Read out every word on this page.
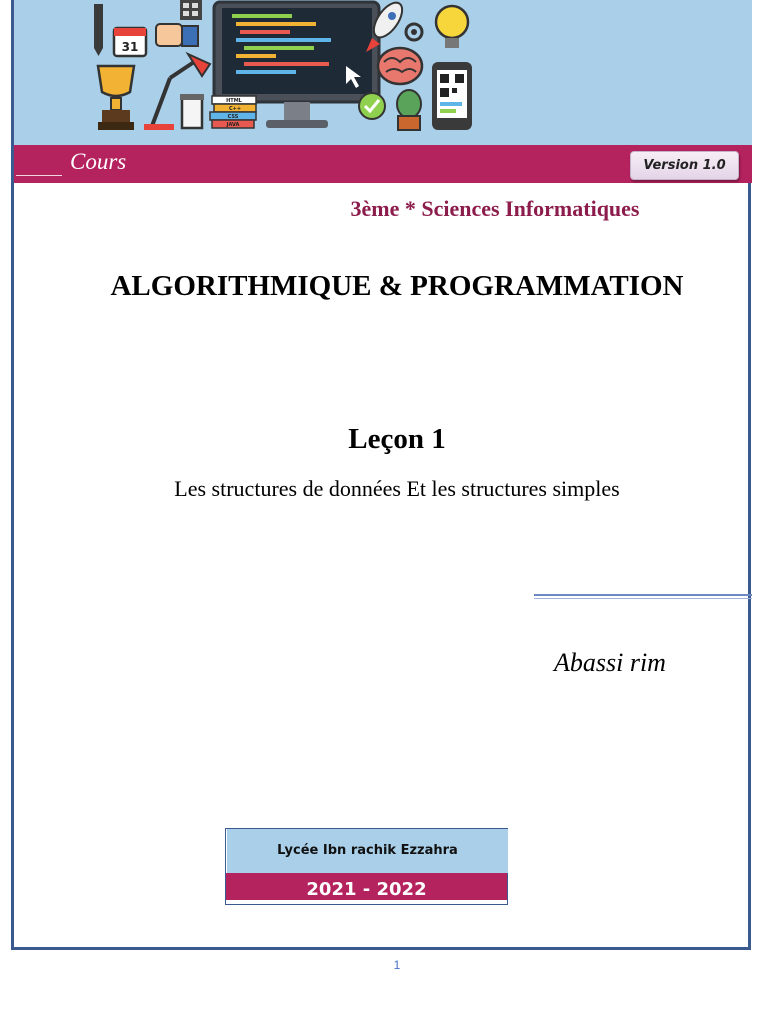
31
HTML
C++
CSS
JAVA
Cours	Version 1.0
3ème * Sciences Informatiques
ALGORITHMIQUE & PROGRAMMATION
Leçon 1
Les structures de données Et les structures simples
Abassi rim
Lycée Ibn rachik Ezzahra
2021 - 2022
1
